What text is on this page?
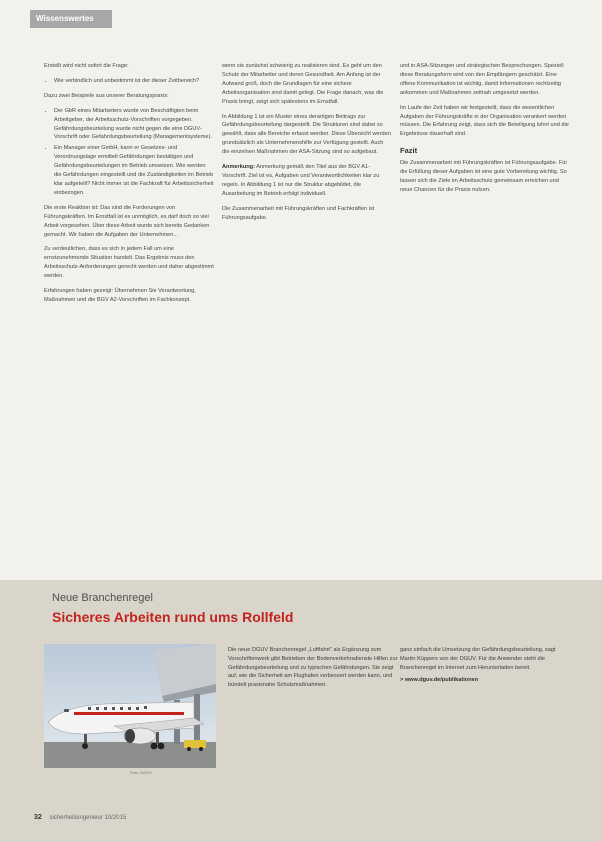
Wissenswertes

Erstellt wird nicht sofort die Frage:

• Wie verbindlich und unbestimmt ist der dieser Zeitbereich?

Dazu zwei Beispiele aus unserer Beratungspraxis:

• Der GbR eines Mitarbeiters wurde von Beschäftigten beim Arbeitgeber, der Arbeitsschutz-Vorschriften vorgegeben. Gefährdungsbeurteilung wurde nicht gegen die eine DGUV-Vorschrift oder Gefahrdungsbeurteilung (Managementsysteme).
• Ein Manager einer GmbH, kann er Gesetzes- und Verordnungslage ermittelt Gefährdungen bestätigen und Gefährdungsbeurteilungen im Betrieb umsetzen. Wie werden die Gefährdungen eingestellt und die Zuständigkeiten im Betrieb klar aufgeteilt? Nicht immer ist die Fachkraft für Arbeitssicherheit einbezogen.

Die erste Reaktion ist: Das sind die Forderungen von Führungskräften. Im Ernstfall ist es unmöglich, es darf doch so viel Arbeit vorgesehen. Über diese Arbeit wurde sich bereits Gedanken gemacht. Wir haben die Aufgaben der Unternehmen...

Zu verdeutlichen, dass es sich in jedem Fall um eine ernstzunehmende Situation handelt. Das Ergebnis muss den Arbeitsschutz-Anforderungen gerecht werden und daher abgestimmt werden.

Erfahrungen haben gezeigt: Übernehmen Sie Verantwortung, Maßnahmen und die BGV A2-Vorschriften im Fachkonzept.

wenn sie zunächst schwierig zu realisieren sind. Es geht um den Schutz der Mitarbeiter und deren Gesundheit. Am Anfang ist der Aufwand groß, doch die Grundlagen für eine sichere Arbeitsorganisation sind damit gelegt. Die Frage danach, was die Praxis bringt, zeigt sich spätestens im Ernstfall.

In Abbildung 1 ist ein Muster eines derartigen Beitrags zur Gefährdungsbeurteilung dargestellt. Die Strukturen sind dabei so gewählt, dass alle Bereiche erfasst werden. Diese Übersicht werden grundsätzlich als Unternehmenshilfe zur Verfügung gestellt. Auch die einzelnen Maßnahmen der ASA-Sitzung sind so aufgebaut.

Anmerkung: Anmerkung gemäß den Titel aus der BGV A1-Vorschrift. Ziel ist es, Aufgaben und Verantwortlichkeiten klar zu regeln. In Abbildung 1 ist nur die Struktur abgebildet, die Ausarbeitung im Betrieb erfolgt individuell.

Die Zusammenarbeit mit Führungskräften und Fachkräften ist Führungsaufgabe.

und in ASA-Sitzungen und strategischen Besprechungen. Speziell diese Beratungsform wird von den Empfängern geschätzt. Eine offene Kommunikation ist wichtig, damit Informationen rechtzeitig ankommen und Maßnahmen zeitnah umgesetzt werden.

Im Laufe der Zeit haben wir festgestellt, dass die wesentlichen Aufgaben der Führungskräfte in der Organisation verankert werden müssen. Die Erfahrung zeigt, dass sich die Beteiligung lohnt und die Ergebnisse dauerhaft sind.

Fazit

Die Zusammenarbeit mit Führungskräften ist Führungsaufgabe. Für die Erfüllung dieser Aufgaben ist eine gute Vorbereitung wichtig. So lassen sich die Ziele im Arbeitsschutz gemeinsam erreichen und neue Chancen für die Praxis nutzen.

Neue Branchenregel
Sicheres Arbeiten rund ums Rollfeld
Foto: DGUV

Die neue DGUV Branchenregel „Luftfahrt“ als Ergänzung zum Vorschriftenwerk gibt Betrieben der Bodenverkehrsdienste Hilfen zur Gefährdungsbeurteilung und zu typischen Gefährdungen. Sie zeigt auf, wie die Sicherheit am Flughafen verbessert werden kann, und bündelt praxisnahe Schutzmaßnahmen.

ganz einfach die Umsetzung der Gefährdungsbeurteilung, sagt Martin Küppers von der DGUV. Für die Anwender steht die Branchenregel im Internet zum Herunterladen bereit.

> www.dguv.de/publikationen

32 sicherheitsingenieur 10/2015
